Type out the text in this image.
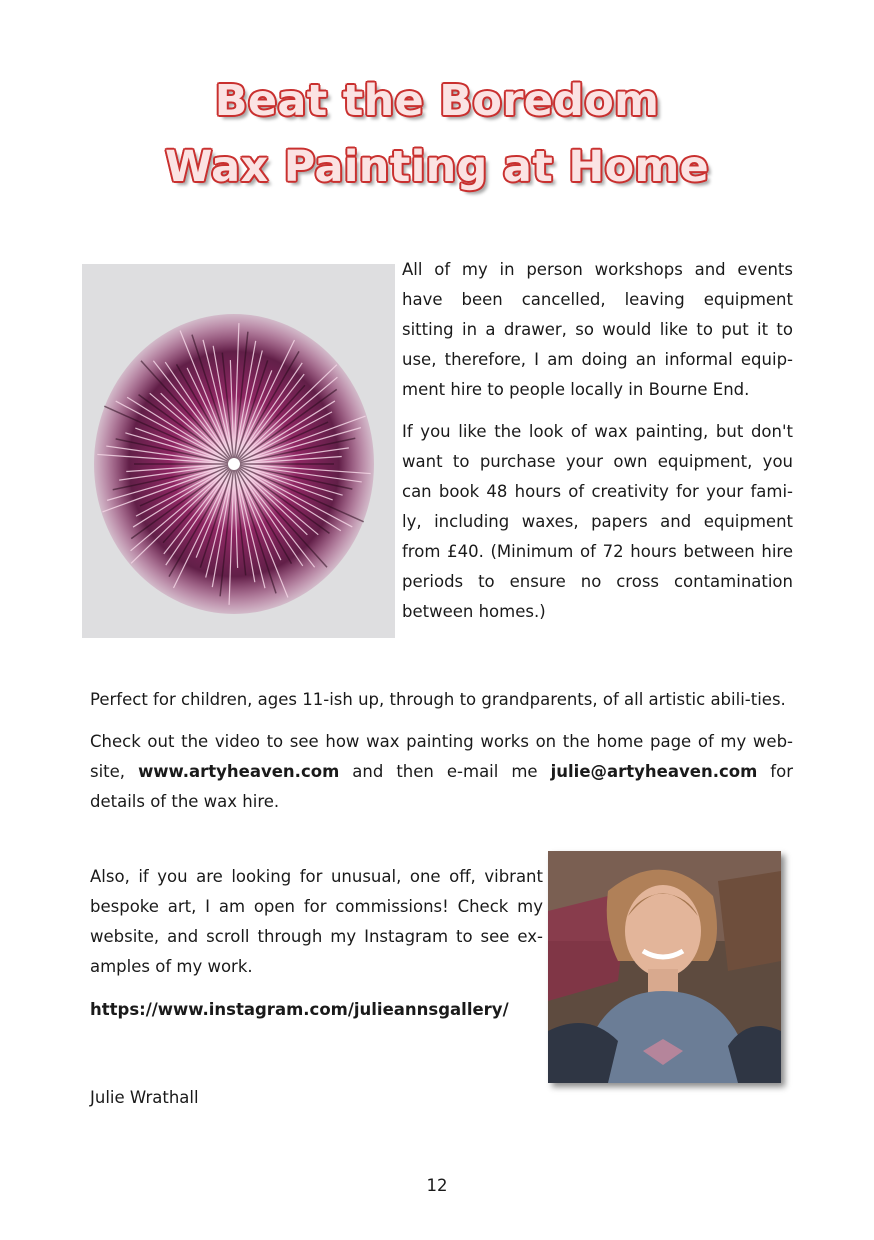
Beat the Boredom
Wax Painting at Home

All of my in person workshops and events have been cancelled, leaving equipment sitting in a drawer, so would like to put it to use, therefore, I am doing an informal equip-ment hire to people locally in Bourne End.

If you like the look of wax painting, but don't want to purchase your own equipment, you can book 48 hours of creativity for your fami-ly, including waxes, papers and equipment from £40. (Minimum of 72 hours between hire periods to ensure no cross contamination between homes.)

Perfect for children, ages 11-ish up, through to grandparents, of all artistic abili-ties.

Check out the video to see how wax painting works on the home page of my web-site, www.artyheaven.com and then e-mail me julie@artyheaven.com for details of the wax hire.

Also, if you are looking for unusual, one off, vibrant bespoke art, I am open for commissions! Check my website, and scroll through my Instagram to see ex-amples of my work.

https://www.instagram.com/julieannsgallery/
Julie Wrathall
12
